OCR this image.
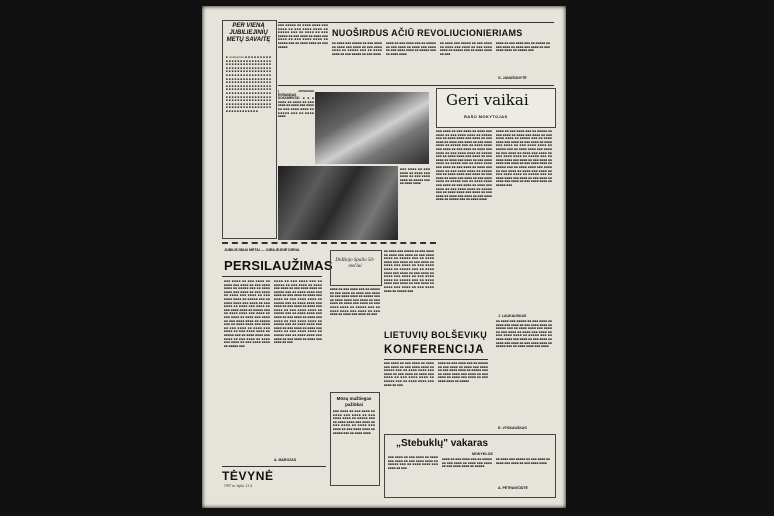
PER VIENĄ JUBILIEJINIŲ METŲ SAVAITĘ
■ Antikapinės ■ ■ ■ ■ ■ ■ ■ ■ ■ ■ ■ ■ ■ ■ ■ ■ ■ ■ ■ ■ ■ ■ ■ ■ ■ ■ ■ ■ ■ ■ ■ ■ ■ ■ ■ ■ ■ ■ ■ ■ ■ ■ ■ ■ ■ ■ ■ ■ ■ ■ ■ ■ ■ ■ ■ ■ ■ ■ ■ ■ ■ ■ ■ ■ ■ ■ ■ ■ ■ ■ ■ ■ ■ ■ ■ ■ ■ ■ ■ ■ ■ ■ ■ ■ ■ ■ ■ ■ ■ ■ ■ ■ ■ ■ ■ ■ ■ ■ ■ ■ ■ ■ ■ ■ ■ ■ ■ ■ ■ ■ ■ ■ ■ ■ ■ ■ ■ ■ ■ ■ ■ ■ ■ ■ ■ ■ ■ ■ ■ ■ ■ ■ ■ ■ ■ ■ ■ ■ ■ ■ ■ ■ ■ ■ ■ ■ ■ ■ ■ ■ ■ ■ ■ ■ ■ ■ ■ ■ ■ ■ ■ ■ ■ ■ ■ ■ ■ ■ ■ ■ ■ ■ ■ ■ ■ ■ ■ ■ ■ ■ ■ ■ ■ ■ ■ ■ ■ ■ ■ ■ ■ ■ ■ ■ ■ ■ ■ ■ ■ ■ ■ ■ ■ ■ ■ ■ ■ ■ ■ ■ ■ ■ ■ ■ ■ ■ ■ ■ ■ ■ ■ ■ ■ ■ ■ ■ ■ ■ ■ ■ ■ ■ ■ ■ ■ ■ ■ ■ ■ ■ ■ ■ ■ ■ ■
NUOŠIRDUS AČIŪ REVOLIUCIONIERIAMS
■■■ ■■■■■ ■■ ■■■■ ■■■■ ■■■ ■■■■ ■■ ■■■ ■■■■ ■■■■ ■■ ■■■■■ ■■■ ■■ ■■■■ ■■ ■■■ ■■■■■ ■■ ■■■ ■■■■ ■■ ■■■■ ■■■ ■■■■ ■■ ■■■ ■■■■ ■■■■ ■■ ■■■■■ ■■■ ■■ ■■■■ ■■■■ ■■ ■■■ ■■■■■
■■ ■■■■ ■■■ ■■■■■ ■■ ■■■ ■■■■ ■■ ■■■■ ■■■ ■■■■ ■■ ■■■ ■■■■ ■■■■ ■■ ■■■■■ ■■■ ■■ ■■■■ ■■■■ ■■ ■■■ ■■■■■ ■■ ■■■ ■■■■
■■■■ ■■ ■■■ ■■■■ ■■■ ■■ ■■■■■ ■■ ■■■ ■■■■ ■■ ■■■■ ■■■ ■■■■ ■■ ■■■ ■■■■ ■■■■ ■■ ■■■■■ ■■■ ■■ ■■■■ ■■■■
■■ ■■■■ ■■■ ■■■■■ ■■ ■■■ ■■■■ ■■ ■■■■ ■■■ ■■■■ ■■ ■■■ ■■■■ ■■■■ ■■ ■■■■■ ■■■ ■■ ■■■■ ■■■■ ■■ ■■■
■■■■ ■■ ■■■ ■■■■ ■■■ ■■ ■■■■■ ■■ ■■■ ■■■■ ■■ ■■■■ ■■■ ■■■■ ■■ ■■■ ■■■■ ■■■■ ■■ ■■■■■ ■■■
G. JANUŠONYTĖ
Į ZENONAS EGRANDAS DOKUMENTAI ■■■ ■■■■ ■■ ■■■■ ■■ ■■■ ■■■■ ■■ ■■■■ ■■■ ■■■■ ■■ ■■■ ■■■■ ■■■■ ■■ ■■■■■ ■■■ ■■ ■■■■ ■■■■
■■■ ■■■■ ■■ ■■■ ■■■■ ■■ ■■■■ ■■■ ■■■■ ■■ ■■■ ■■■■ ■■■■ ■■ ■■■■■ ■■■ ■■ ■■■■ ■■■■
Geri vaikai
RAŠO MOKYTOJAS
■■■ ■■■■ ■■ ■■■ ■■■■ ■■ ■■■■ ■■■ ■■■■ ■■ ■■■ ■■■■ ■■■■ ■■ ■■■■■ ■■■ ■■ ■■■■ ■■■■ ■■■ ■■■■ ■■ ■■■ ■■■■ ■■ ■■■■ ■■■ ■■■■ ■■ ■■■ ■■■■ ■■■■ ■■ ■■■■■ ■■■ ■■ ■■■■ ■■■■ ■■■ ■■■■ ■■ ■■■ ■■■■ ■■ ■■■■ ■■■ ■■■■ ■■ ■■■ ■■■■ ■■■■ ■■ ■■■■■ ■■■ ■■ ■■■■ ■■■■ ■■■ ■■■■ ■■ ■■■ ■■■■ ■■ ■■■■ ■■■ ■■■■ ■■ ■■■ ■■■■ ■■■■ ■■ ■■■■■ ■■■ ■■ ■■■■ ■■■■ ■■■ ■■■■ ■■ ■■■ ■■■■ ■■ ■■■■ ■■■ ■■■■ ■■ ■■■ ■■■■ ■■■■ ■■ ■■■■■ ■■■ ■■ ■■■■ ■■■■ ■■■ ■■■■ ■■ ■■■ ■■■■ ■■ ■■■■ ■■■ ■■■■ ■■ ■■■ ■■■■ ■■■■ ■■ ■■■■■ ■■■ ■■ ■■■■ ■■■■ ■■■ ■■■■ ■■ ■■■ ■■■■ ■■ ■■■■ ■■■ ■■■■ ■■ ■■■ ■■■■ ■■■■ ■■ ■■■■■ ■■■ ■■ ■■■■ ■■■■ ■■■ ■■■■ ■■ ■■■ ■■■■ ■■ ■■■■ ■■■ ■■■■ ■■ ■■■ ■■■■ ■■■■ ■■ ■■■■■ ■■■ ■■ ■■■■ ■■■■
■■■■ ■■ ■■■ ■■■■ ■■■ ■■ ■■■■■ ■■ ■■■ ■■■■ ■■ ■■■■ ■■■ ■■■■ ■■ ■■■ ■■■■ ■■■■ ■■ ■■■■■ ■■■ ■■ ■■■■ ■■■■ ■■■ ■■■■ ■■ ■■■ ■■■■ ■■ ■■■■ ■■■ ■■■■ ■■ ■■■ ■■■■ ■■■■ ■■ ■■■■■ ■■■ ■■ ■■■■ ■■■■ ■■■ ■■■■ ■■ ■■■ ■■■■ ■■ ■■■■ ■■■ ■■■■ ■■ ■■■ ■■■■ ■■■■ ■■ ■■■■■ ■■■ ■■ ■■■■ ■■■■ ■■■ ■■■■ ■■ ■■■ ■■■■ ■■ ■■■■ ■■■ ■■■■ ■■ ■■■ ■■■■ ■■■■ ■■ ■■■■■ ■■■ ■■ ■■■■ ■■■■ ■■■ ■■■■ ■■ ■■■ ■■■■ ■■ ■■■■ ■■■ ■■■■ ■■ ■■■ ■■■■ ■■■■ ■■ ■■■■■ ■■■ ■■ ■■■■ ■■■■ ■■■ ■■■■ ■■ ■■■ ■■■■ ■■ ■■■■ ■■■ ■■■■ ■■ ■■■ ■■■■ ■■■■ ■■ ■■■■■ ■■■
J. LAUKAUSKAS
JUBILIEJINIAI METAI — JUBILIEJINĖ DIENA
PERSILAUŽIMAS
■■■ ■■■■ ■■ ■■■ ■■■■ ■■ ■■■■ ■■■ ■■■■ ■■ ■■■ ■■■■ ■■■■ ■■ ■■■■■ ■■■ ■■ ■■■■ ■■■■ ■■■ ■■■■ ■■ ■■■ ■■■■ ■■ ■■■■ ■■■ ■■■■ ■■ ■■■ ■■■■ ■■■■ ■■ ■■■■■ ■■■ ■■ ■■■■ ■■■■ ■■■ ■■■■ ■■ ■■■ ■■■■ ■■ ■■■■ ■■■ ■■■■ ■■ ■■■ ■■■■ ■■■■ ■■ ■■■■■ ■■■ ■■ ■■■■ ■■■■ ■■■ ■■■■ ■■ ■■■ ■■■■ ■■ ■■■■ ■■■ ■■■■ ■■ ■■■ ■■■■ ■■■■ ■■ ■■■■■ ■■■ ■■ ■■■■ ■■■■ ■■■ ■■■■ ■■ ■■■ ■■■■ ■■ ■■■■ ■■■ ■■■■ ■■ ■■■ ■■■■ ■■■■ ■■ ■■■■■ ■■■ ■■ ■■■■ ■■■■ ■■■ ■■■■ ■■ ■■■ ■■■■ ■■ ■■■■ ■■■ ■■■■ ■■ ■■■ ■■■■ ■■■■ ■■ ■■■■■ ■■■
■■■■ ■■ ■■■ ■■■■ ■■■ ■■ ■■■■■ ■■ ■■■ ■■■■ ■■ ■■■■ ■■■ ■■■■ ■■ ■■■ ■■■■ ■■■■ ■■ ■■■■■ ■■■ ■■ ■■■■ ■■■■ ■■■ ■■■■ ■■ ■■■ ■■■■ ■■ ■■■■ ■■■ ■■■■ ■■ ■■■ ■■■■ ■■■■ ■■ ■■■■■ ■■■ ■■ ■■■■ ■■■■ ■■■ ■■■■ ■■ ■■■ ■■■■ ■■ ■■■■ ■■■ ■■■■ ■■ ■■■ ■■■■ ■■■■ ■■ ■■■■■ ■■■ ■■ ■■■■ ■■■■ ■■■ ■■■■ ■■ ■■■ ■■■■ ■■ ■■■■ ■■■ ■■■■ ■■ ■■■ ■■■■ ■■■■ ■■ ■■■■■ ■■■ ■■ ■■■■ ■■■■ ■■■ ■■■■ ■■ ■■■ ■■■■ ■■ ■■■■ ■■■ ■■■■ ■■ ■■■ ■■■■ ■■■■ ■■ ■■■■■ ■■■ ■■ ■■■■ ■■■■ ■■■ ■■■■ ■■ ■■■ ■■■■ ■■ ■■■■ ■■■ ■■■■ ■■ ■■■
A. MAROZAS
Didžiojo Spalio 50-mečiui
■■■■ ■■ ■■■ ■■■■ ■■■ ■■ ■■■■■ ■■ ■■■ ■■■■ ■■ ■■■■ ■■■ ■■■■ ■■ ■■■ ■■■■ ■■■■ ■■ ■■■■■ ■■■ ■■ ■■■■ ■■■■ ■■■ ■■■■ ■■ ■■■ ■■■■ ■■ ■■■■ ■■■ ■■■■ ■■ ■■■ ■■■■ ■■■■ ■■ ■■■■■ ■■■ ■■ ■■■■ ■■■■ ■■■ ■■■■ ■■ ■■■ ■■■■ ■■ ■■■■ ■■■ ■■■■ ■■ ■■■
■■ ■■■■ ■■■ ■■■■■ ■■ ■■■ ■■■■ ■■ ■■■■ ■■■ ■■■■ ■■ ■■■ ■■■■ ■■■■ ■■ ■■■■■ ■■■ ■■ ■■■■ ■■■■ ■■■ ■■■■ ■■ ■■■ ■■■■ ■■ ■■■■ ■■■ ■■■■ ■■ ■■■ ■■■■ ■■■■ ■■ ■■■■■ ■■■ ■■ ■■■■ ■■■■ ■■■ ■■■■ ■■ ■■■ ■■■■ ■■ ■■■■ ■■■ ■■■■ ■■ ■■■ ■■■■ ■■■■ ■■ ■■■■■ ■■■ ■■ ■■■■ ■■■■ ■■■ ■■■■ ■■ ■■■ ■■■■ ■■ ■■■■ ■■■ ■■■■ ■■ ■■■ ■■■■ ■■■■ ■■ ■■■■■ ■■■
LIETUVIŲ BOLŠEVIKŲ
KONFERENCIJA
■■■ ■■■■ ■■ ■■■ ■■■■ ■■ ■■■■ ■■■ ■■■■ ■■ ■■■ ■■■■ ■■■■ ■■ ■■■■■ ■■■ ■■ ■■■■ ■■■■ ■■■ ■■■■ ■■ ■■■ ■■■■ ■■ ■■■■ ■■■ ■■■■ ■■ ■■■ ■■■■ ■■■■ ■■ ■■■■■ ■■■ ■■ ■■■■ ■■■■ ■■■ ■■■■ ■■ ■■■
■■■■ ■■ ■■■ ■■■■ ■■■ ■■ ■■■■■ ■■ ■■■ ■■■■ ■■ ■■■■ ■■■ ■■■■ ■■ ■■■ ■■■■ ■■■■ ■■ ■■■■■ ■■■ ■■ ■■■■ ■■■■ ■■■ ■■■■ ■■ ■■■ ■■■■ ■■ ■■■■ ■■■ ■■■■ ■■ ■■■ ■■■■ ■■■■ ■■ ■■■■■
■■ ■■■■ ■■■ ■■■■■ ■■ ■■■ ■■■■ ■■ ■■■■ ■■■ ■■■■ ■■ ■■■ ■■■■ ■■■■ ■■ ■■■■■ ■■■ ■■ ■■■■ ■■■■ ■■■ ■■■■ ■■ ■■■ ■■■■ ■■ ■■■■ ■■■ ■■■■ ■■ ■■■ ■■■■ ■■■■ ■■ ■■■■■ ■■■ ■■ ■■■■ ■■■■ ■■■ ■■■■ ■■ ■■■ ■■■■ ■■ ■■■■ ■■■ ■■■■ ■■ ■■■ ■■■■ ■■■■ ■■ ■■■■■ ■■■ ■■ ■■■■ ■■■■ ■■■ ■■■■
K. VYSKAUSKAS
Mūsų mažtiegas pažiūkai
■■■ ■■■■ ■■ ■■■ ■■■■ ■■ ■■■■ ■■■ ■■■■ ■■ ■■■ ■■■■ ■■■■ ■■ ■■■■■ ■■■ ■■ ■■■■ ■■■■ ■■■ ■■■■ ■■ ■■■ ■■■■ ■■ ■■■■ ■■■ ■■■■ ■■ ■■■ ■■■■ ■■■■ ■■ ■■■■■ ■■■ ■■ ■■■■ ■■■■
„Stebuklų" vakaras
MOKYKLOS
■■■ ■■■■ ■■ ■■■ ■■■■ ■■ ■■■■ ■■■ ■■■■ ■■ ■■■ ■■■■ ■■■■ ■■ ■■■■■ ■■■ ■■ ■■■■ ■■■■ ■■■ ■■■■ ■■ ■■■
■■■■ ■■ ■■■ ■■■■ ■■■ ■■ ■■■■■ ■■ ■■■ ■■■■ ■■ ■■■■ ■■■ ■■■■ ■■ ■■■ ■■■■ ■■■■ ■■ ■■■■■
■■ ■■■■ ■■■ ■■■■■ ■■ ■■■ ■■■■ ■■ ■■■■ ■■■ ■■■■ ■■ ■■■ ■■■■ ■■■■
A. PETRAVIČIŪTĖ
TĖVYNĖ
1967 m. lapkr. 21 d.
